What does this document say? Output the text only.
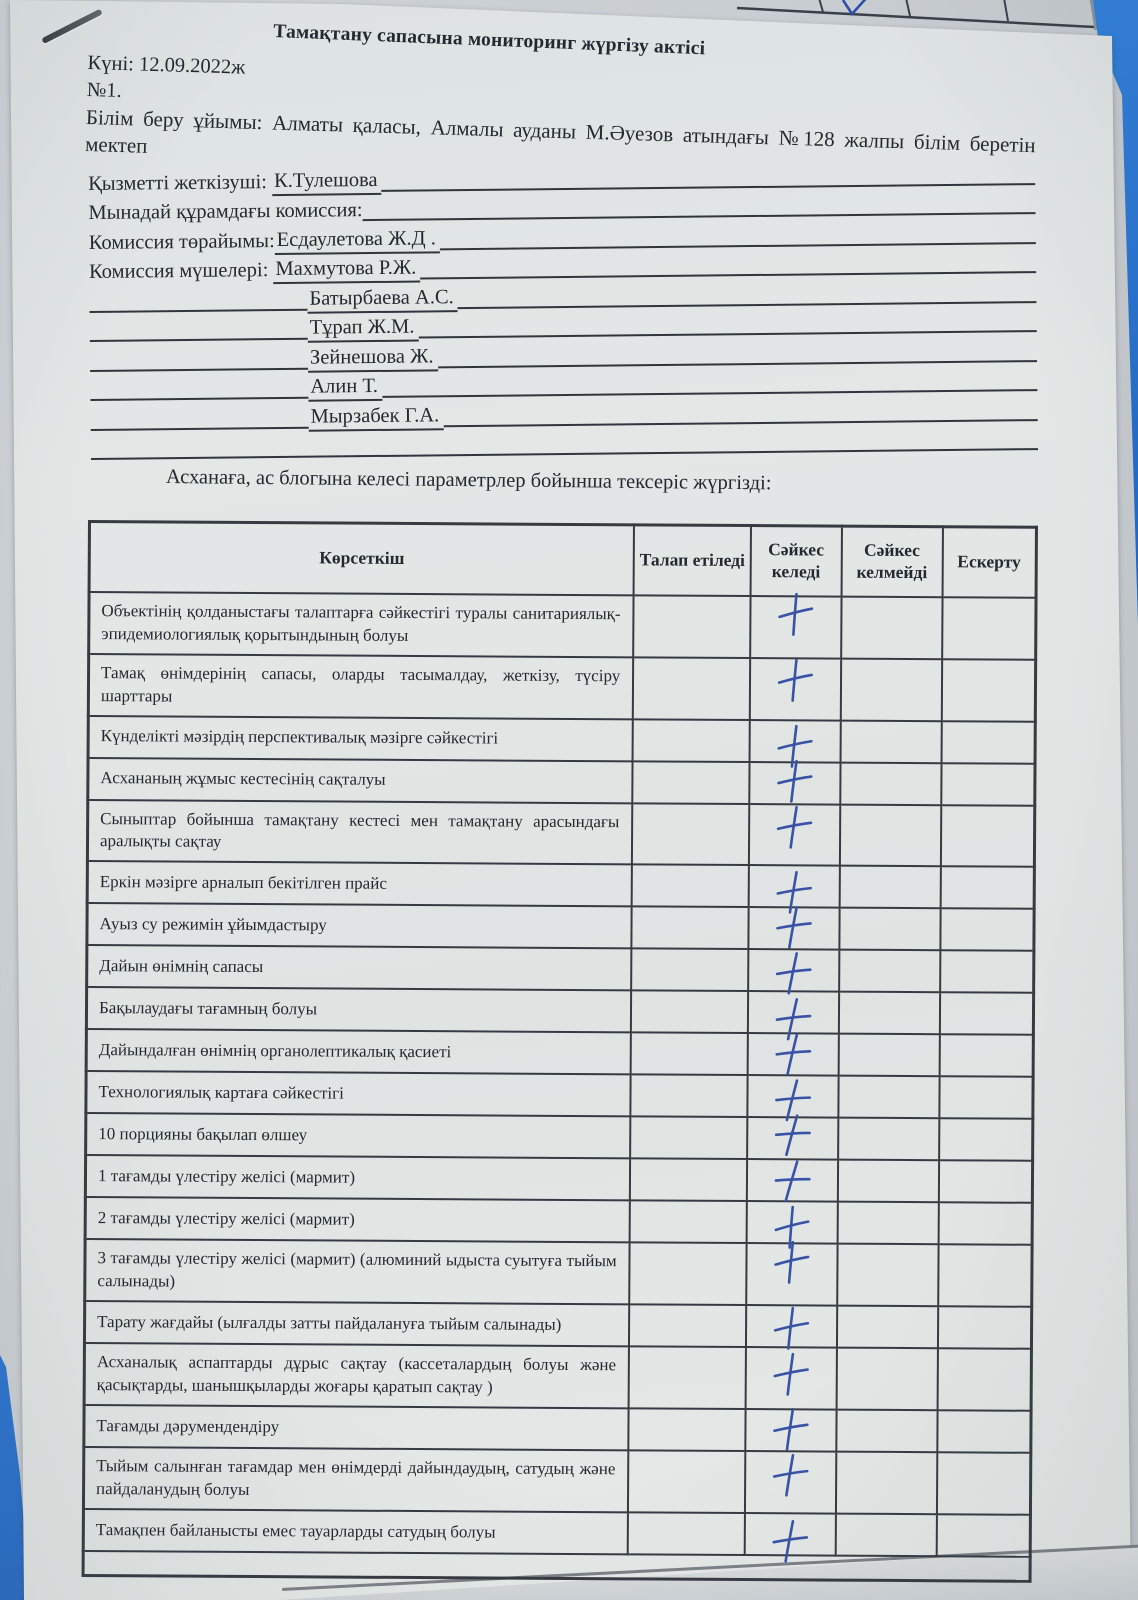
Тамақтану сапасына мониторинг жүргізу актісі
Күні: 12.09.2022ж
№1.
Білім беру ұйымы: Алматы қаласы, Алмалы ауданы М.Әуезов атындағы №128 жалпы білім беретін мектеп
Қызметті жеткізуші:
К.Тулешова
Мынадай құрамдағы комиссия:
Комиссия төрайымы: Есдаулетова Ж.Д .
Комиссия мүшелері:
Махмутова Р.Ж.
Батырбаева А.С.
Тұрап Ж.М.
Зейнешова Ж.
Алин Т.
Мырзабек Г.А.
Асханаға, ас блогына келесі параметрлер бойынша тексеріс жүргізді:
Көрсеткіш	Талап етіледі	Сәйкес келеді	Сәйкес келмейді	Ескерту
Объектінің қолданыстағы талаптарға сәйкестігі туралы санитариялық-эпидемиологиялық қорытындының болуы		

Тамақ өнімдерінің сапасы, оларды тасымалдау, жеткізу, түсіру шарттары		

Күнделікті мәзірдің перспективалық мәзірге сәйкестігі		

Асхананың жұмыс кестесінің сақталуы		

Сыныптар бойынша тамақтану кестесі мен тамақтану арасындағы аралықты сақтау		

Еркін мәзірге арналып бекітілген прайс		

Ауыз су режимін ұйымдастыру		

Дайын өнімнің сапасы		

Бақылаудағы тағамның болуы		

Дайындалған өнімнің органолептикалық қасиеті		

Технологиялық картаға сәйкестігі		

10 порцияны бақылап өлшеу		

1 тағамды үлестіру желісі (мармит)		

2 тағамды үлестіру желісі (мармит)		

3 тағамды үлестіру желісі (мармит) (алюминий ыдыста суытуға тыйым салынады)		

Тарату жағдайы (ылғалды затты пайдалануға тыйым салынады)		

Асханалық аспаптарды дұрыс сақтау (кассеталардың болуы және қасықтарды, шанышқыларды жоғары қаратып сақтау )		

Тағамды дәрумендендіру		

Тыйым салынған тағамдар мен өнімдерді дайындаудың, сатудың және пайдаланудың болуы		

Тамақпен байланысты емес тауарларды сатудың болуы		
